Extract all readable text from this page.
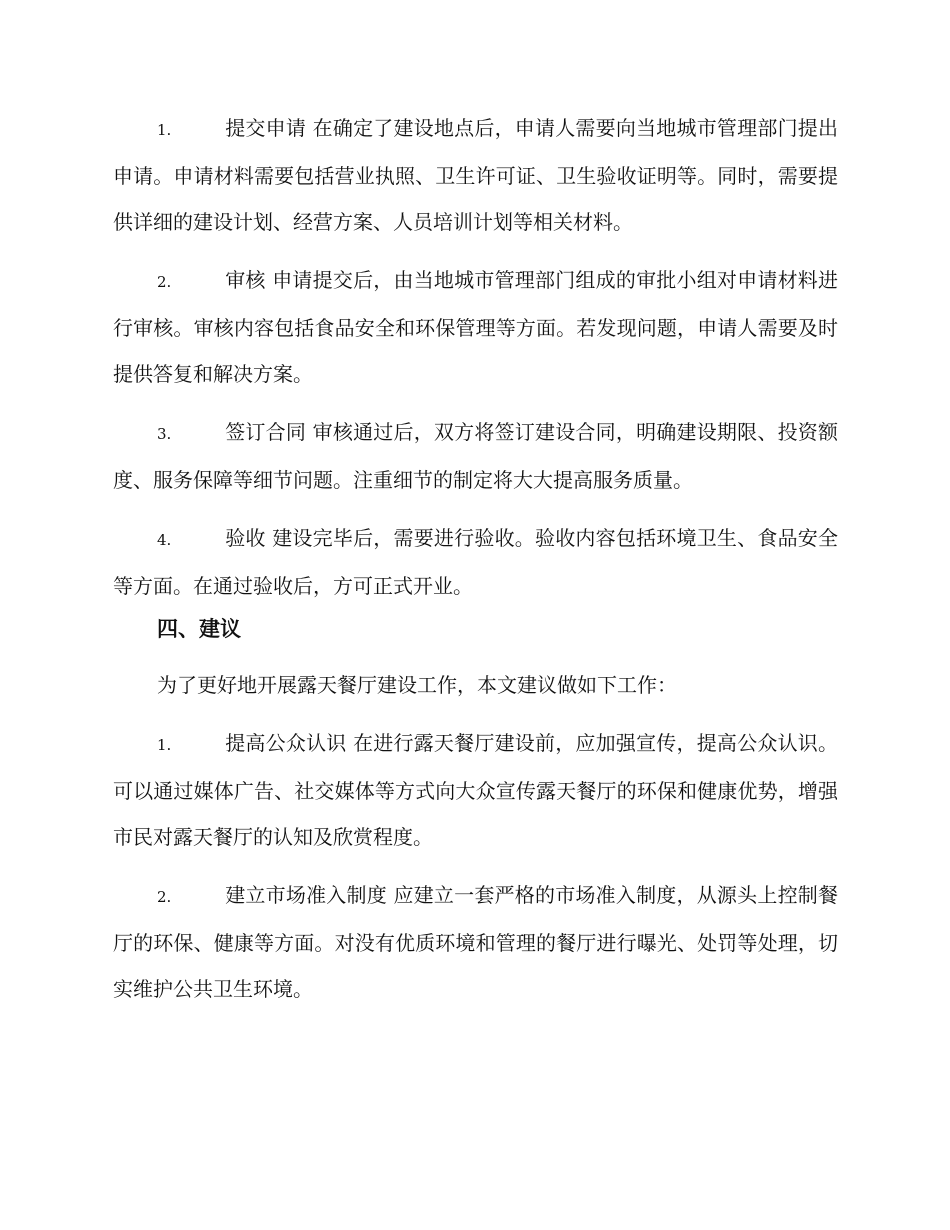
1.	提交申请 在确定了建设地点后，申请人需要向当地城市管理部门提出申请。申请材料需要包括营业执照、卫生许可证、卫生验收证明等。同时，需要提供详细的建设计划、经营方案、人员培训计划等相关材料。

2.	审核 申请提交后，由当地城市管理部门组成的审批小组对申请材料进行审核。审核内容包括食品安全和环保管理等方面。若发现问题，申请人需要及时提供答复和解决方案。

3.	签订合同 审核通过后，双方将签订建设合同，明确建设期限、投资额度、服务保障等细节问题。注重细节的制定将大大提高服务质量。

4.	验收 建设完毕后，需要进行验收。验收内容包括环境卫生、食品安全等方面。在通过验收后，方可正式开业。

四、建议

为了更好地开展露天餐厅建设工作，本文建议做如下工作：

1.	提高公众认识 在进行露天餐厅建设前，应加强宣传，提高公众认识。可以通过媒体广告、社交媒体等方式向大众宣传露天餐厅的环保和健康优势，增强市民对露天餐厅的认知及欣赏程度。

2.	建立市场准入制度 应建立一套严格的市场准入制度，从源头上控制餐厅的环保、健康等方面。对没有优质环境和管理的餐厅进行曝光、处罚等处理，切实维护公共卫生环境。
